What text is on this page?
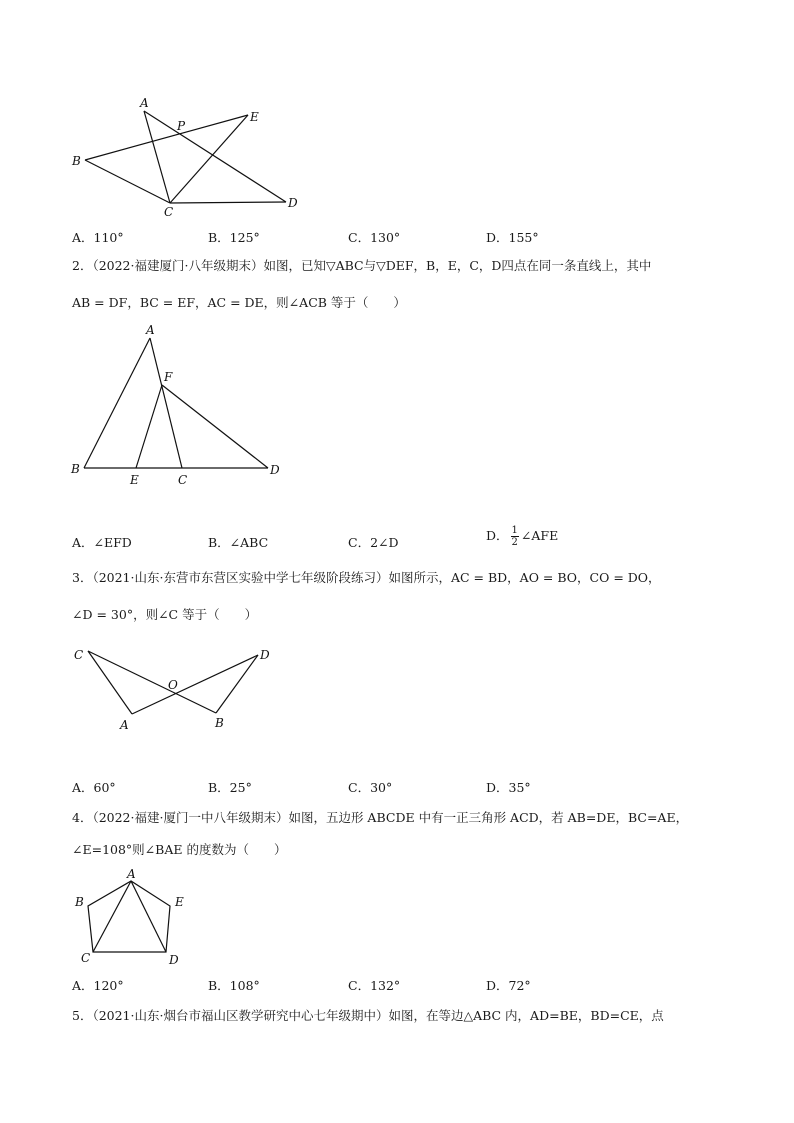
A
P
E
B
C
D
A．110°	B．125°	C．130°	D．155°
2．（2022·福建厦门·八年级期末）如图，已知▽ABC与▽DEF，B，E，C，D四点在同一条直线上，其中
AB = DF，BC = EF，AC = DE，则∠ACB 等于（　　）
A
F
B
E	C
D
A．∠EFD	B．∠ABC	C．2∠D	D． $\frac{1}{2}$ ∠AFE
3．（2021·山东·东营市东营区实验中学七年级阶段练习）如图所示，AC = BD，AO = BO，CO = DO，
∠D = 30°，则∠C 等于（　　）
C
O
D
A	B
A．60°	B．25°	C．30°	D．35°
4．（2022·福建·厦门一中八年级期末）如图，五边形 ABCDE 中有一正三角形 ACD，若 AB=DE，BC=AE，
∠E=108°则∠BAE 的度数为（　　）
A
B	E
C	D
A．120°	B．108°	C．132°	D．72°
5．（2021·山东·烟台市福山区教学研究中心七年级期中）如图，在等边△ABC 内，AD=BE，BD=CE，点
